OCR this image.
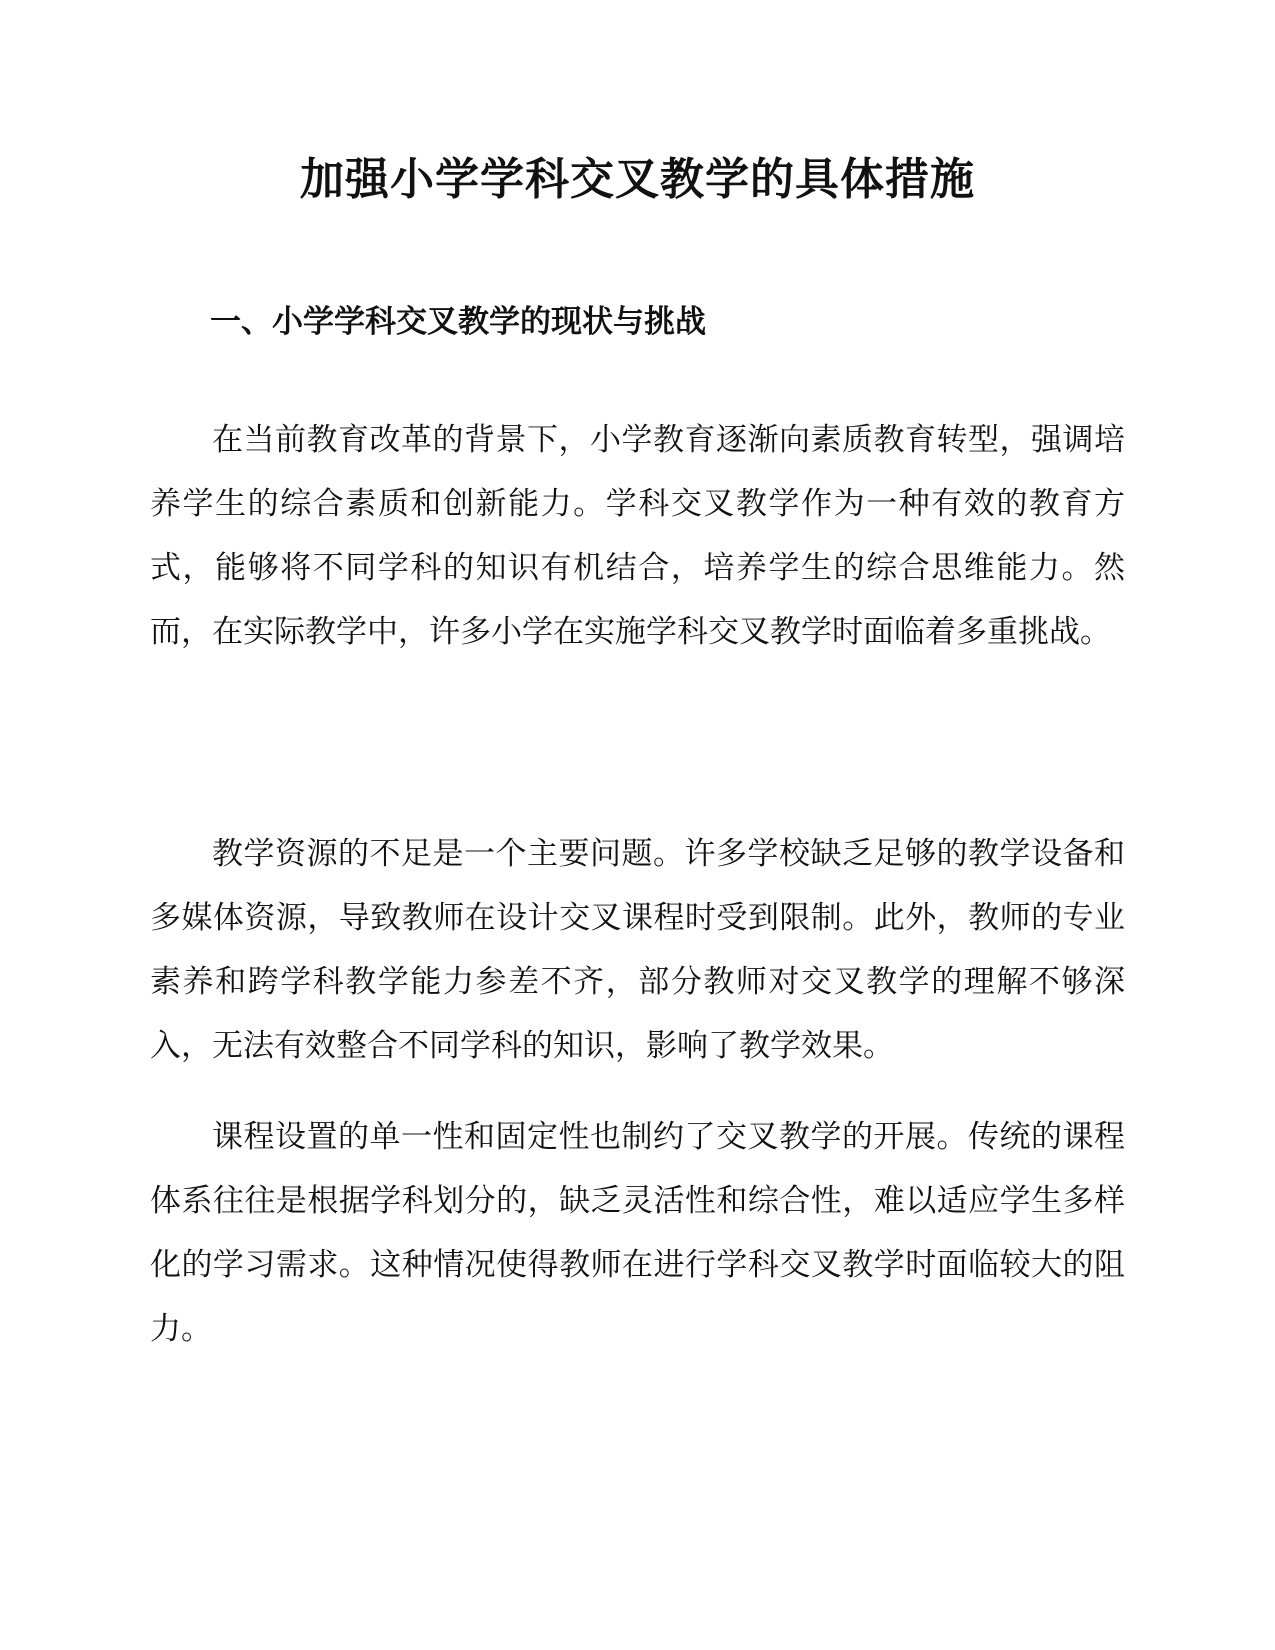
加强小学学科交叉教学的具体措施
一、小学学科交叉教学的现状与挑战

在当前教育改革的背景下，小学教育逐渐向素质教育转型，强调培养学生的综合素质和创新能力。学科交叉教学作为一种有效的教育方式，能够将不同学科的知识有机结合，培养学生的综合思维能力。然而，在实际教学中，许多小学在实施学科交叉教学时面临着多重挑战。

教学资源的不足是一个主要问题。许多学校缺乏足够的教学设备和多媒体资源，导致教师在设计交叉课程时受到限制。此外，教师的专业素养和跨学科教学能力参差不齐，部分教师对交叉教学的理解不够深入，无法有效整合不同学科的知识，影响了教学效果。

课程设置的单一性和固定性也制约了交叉教学的开展。传统的课程体系往往是根据学科划分的，缺乏灵活性和综合性，难以适应学生多样化的学习需求。这种情况使得教师在进行学科交叉教学时面临较大的阻力。
